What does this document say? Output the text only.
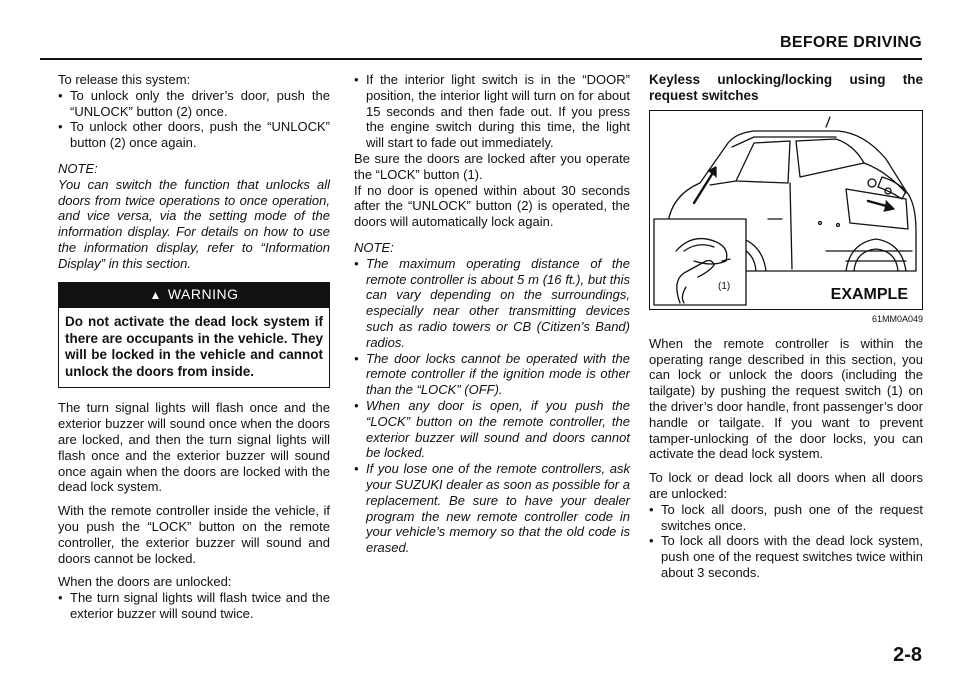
BEFORE DRIVING

To release this system:

• To unlock only the driver’s door, push the “UNLOCK” button (2) once.
• To unlock other doors, push the “UNLOCK” button (2) once again.

NOTE:

You can switch the function that unlocks all doors from twice operations to once operation, and vice versa, via the setting mode of the information display. For details on how to use the information display, refer to “Information Display” in this section.

▲ WARNING
Do not activate the dead lock system if there are occupants in the vehicle. They will be locked in the vehicle and cannot unlock the doors from inside.

The turn signal lights will flash once and the exterior buzzer will sound once when the doors are locked, and then the turn signal lights will flash once and the exterior buzzer will sound once again when the doors are locked with the dead lock system.

With the remote controller inside the vehicle, if you push the “LOCK” button on the remote controller, the exterior buzzer will sound and doors cannot be locked.

When the doors are unlocked:

• The turn signal lights will flash twice and the exterior buzzer will sound twice.
• If the interior light switch is in the “DOOR” position, the interior light will turn on for about 15 seconds and then fade out. If you press the engine switch during this time, the light will start to fade out immediately.

Be sure the doors are locked after you operate the “LOCK” button (1).

If no door is opened within about 30 seconds after the “UNLOCK” button (2) is operated, the doors will automatically lock again.

NOTE:

• The maximum operating distance of the remote controller is about 5 m (16 ft.), but this can vary depending on the surroundings, especially near other transmitting devices such as radio towers or CB (Citizen’s Band) radios.
• The door locks cannot be operated with the remote controller if the ignition mode is other than the “LOCK” (OFF).
• When any door is open, if you push the “LOCK” button on the remote controller, the exterior buzzer will sound and doors cannot be locked.
• If you lose one of the remote controllers, ask your SUZUKI dealer as soon as possible for a replacement. Be sure to have your dealer program the new remote controller code in your vehicle’s memory so that the old code is erased.
Keyless unlocking/locking using the
request switches
(1)	EXAMPLE
61MM0A049

When the remote controller is within the operating range described in this section, you can lock or unlock the doors (including the tailgate) by pushing the request switch (1) on the driver’s door handle, front passenger’s door handle or tailgate. If you want to prevent tamper-unlocking of the door locks, you can activate the dead lock system.

To lock or dead lock all doors when all doors are unlocked:

• To lock all doors, push one of the request switches once.
• To lock all doors with the dead lock system, push one of the request switches twice within about 3 seconds.
2-8
